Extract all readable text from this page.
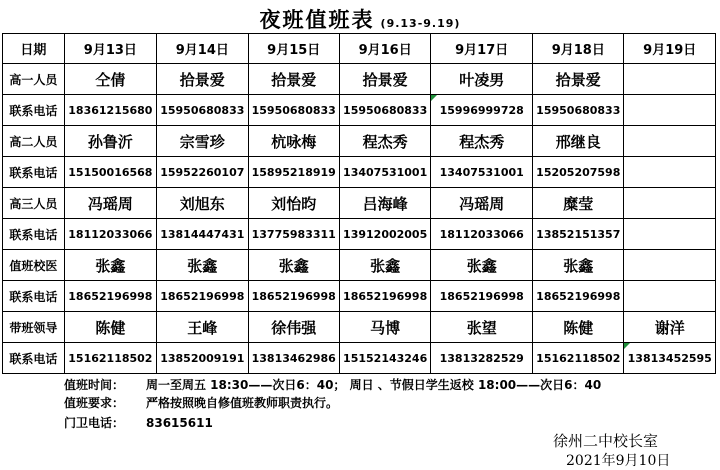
夜班值班表 (9.13-9.19)
日期	9月13日	9月14日	9月15日	9月16日	9月17日	9月18日	9月19日
高一人员	仝倩	拾景爱	拾景爱	拾景爱	叶凌男	拾景爱	
联系电话	18361215680	15950680833	15950680833	15950680833	15996999728	15950680833	
高二人员	孙鲁沂	宗雪珍	杭咏梅	程杰秀	程杰秀	邢继良	
联系电话	15150016568	15952260107	15895218919	13407531001	13407531001	15205207598	
高三人员	冯瑶周	刘旭东	刘怡昀	吕海峰	冯瑶周	糜莹	
联系电话	18112033066	13814447431	13775983311	13912002005	18112033066	13852151357	
值班校医	张鑫	张鑫	张鑫	张鑫	张鑫	张鑫	
联系电话	18652196998	18652196998	18652196998	18652196998	18652196998	18652196998	
带班领导	陈健	王峰	徐伟强	马博	张望	陈健	谢洋
联系电话	15162118502	13852009191	13813462986	15152143246	13813282529	15162118502	13813452595
值班时间： 周一至周五 18:30——次日6：40； 周日 、节假日学生返校 18:00——次日6：40
值班要求： 严格按照晚自修值班教师职责执行。
门卫电话： 83615611
徐州二中校长室
2021年9月10日
